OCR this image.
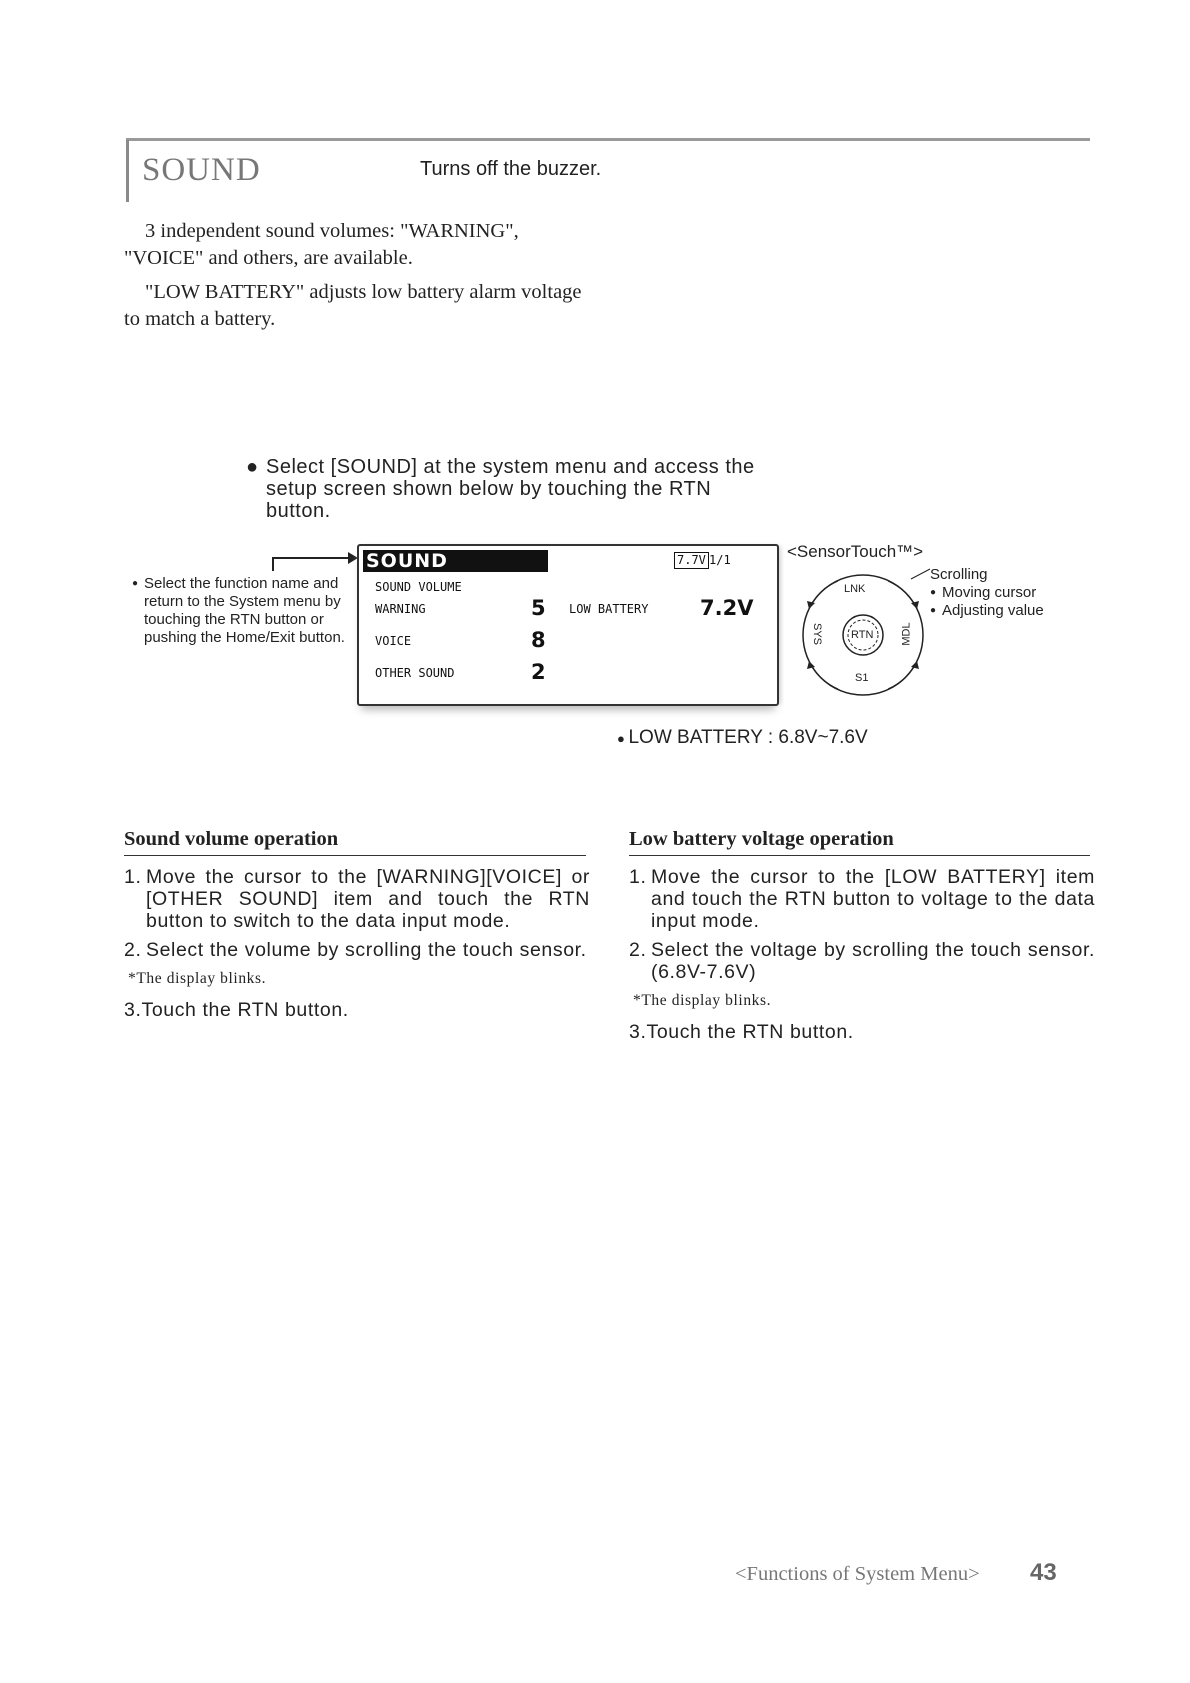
SOUND	Turns off the buzzer.
3 independent sound volumes: "WARNING", "VOICE" and others, are available.
"LOW BATTERY" adjusts low battery alarm voltage to match a battery.
● Select [SOUND] at the system menu and access the setup screen shown below by touching the RTN button.
● Select the function name and return to the System menu by touching the RTN button or pushing the Home/Exit button.
SOUND	7.7V 1/1
SOUND VOLUME
WARNING	5
VOICE	8
OTHER SOUND	2
LOW BATTERY 7.2V
<SensorTouch™>
LNK
SYS	MDL
RTN
S1
Scrolling
● Moving cursor
● Adjusting value
● LOW BATTERY : 6.8V~7.6V
Sound volume operation
1. Move the cursor to the [WARNING][VOICE] or [OTHER SOUND] item and touch the RTN button to switch to the data input mode.
2. Select the volume by scrolling the touch sensor.
*The display blinks.
3.Touch the RTN button.
Low battery voltage operation
1. Move the cursor to the [LOW BATTERY] item and touch the RTN button to voltage to the data input mode.
2. Select the voltage by scrolling the touch sensor. (6.8V-7.6V)
*The display blinks.
3.Touch the RTN button.
<Functions of System Menu> 43
